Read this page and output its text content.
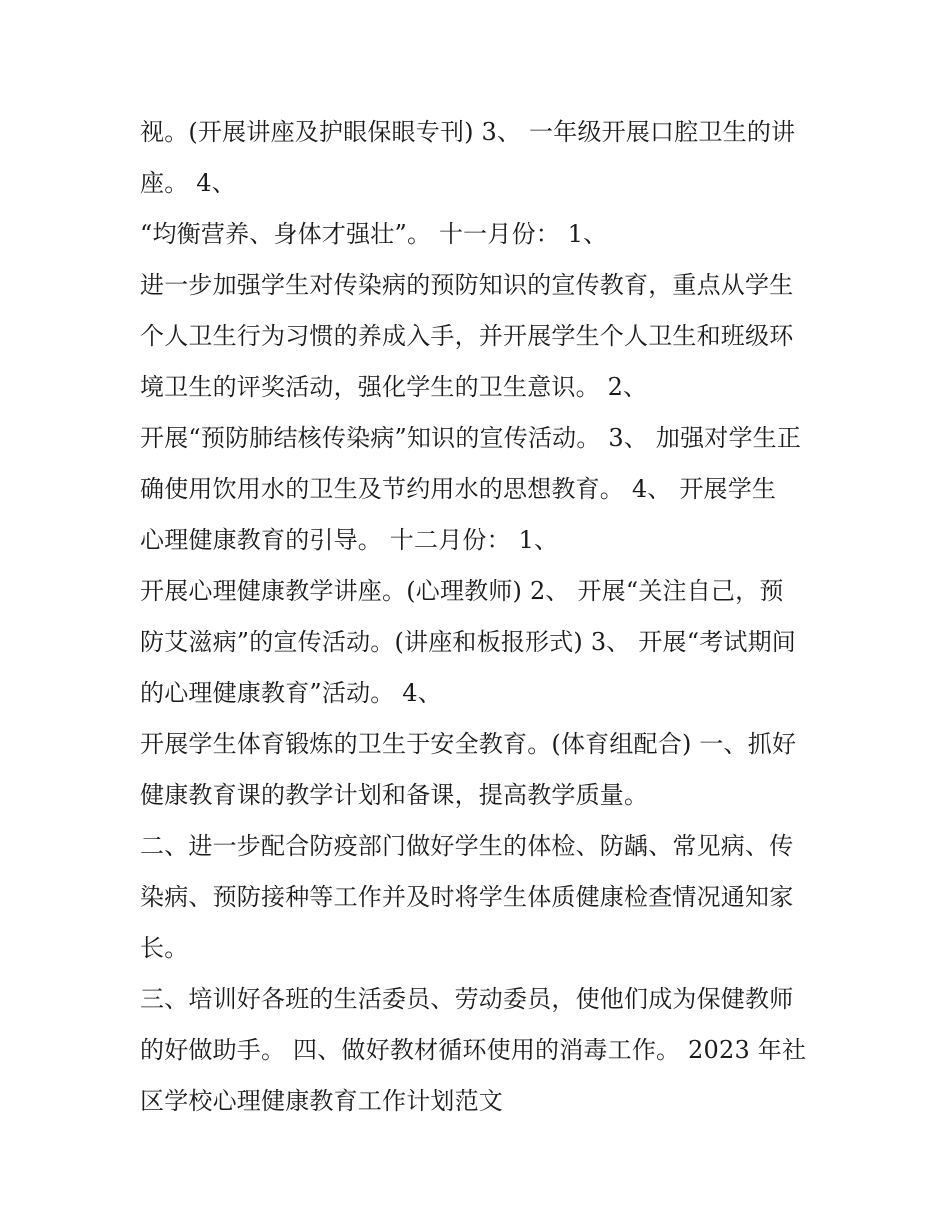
视。(开展讲座及护眼保眼专刊) 3、 一年级开展口腔卫生的讲
座。 4、
“均衡营养、身体才强壮”。 十一月份： 1、
进一步加强学生对传染病的预防知识的宣传教育，重点从学生
个人卫生行为习惯的养成入手，并开展学生个人卫生和班级环
境卫生的评奖活动，强化学生的卫生意识。 2、
开展“预防肺结核传染病”知识的宣传活动。 3、 加强对学生正
确使用饮用水的卫生及节约用水的思想教育。 4、 开展学生
心理健康教育的引导。 十二月份： 1、
开展心理健康教学讲座。(心理教师) 2、 开展“关注自己，预
防艾滋病”的宣传活动。(讲座和板报形式) 3、 开展“考试期间
的心理健康教育”活动。 4、
开展学生体育锻炼的卫生于安全教育。(体育组配合) 一、抓好
健康教育课的教学计划和备课，提高教学质量。
二、进一步配合防疫部门做好学生的体检、防龋、常见病、传
染病、预防接种等工作并及时将学生体质健康检查情况通知家
长。
三、培训好各班的生活委员、劳动委员，使他们成为保健教师
的好做助手。 四、做好教材循环使用的消毒工作。 2023 年社
区学校心理健康教育工作计划范文
